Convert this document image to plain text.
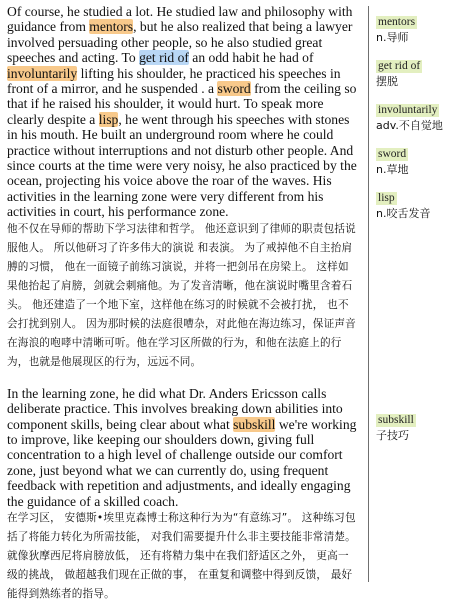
Of course, he studied a lot. He studied law and philosophy with guidance from mentors, but he also realized that being a lawyer involved persuading other people, so he also studied great speeches and acting. To get rid of an odd habit he had of involuntarily lifting his shoulder, he practiced his speeches in front of a mirror, and he suspended . a sword from the ceiling so that if he raised his shoulder, it would hurt. To speak more clearly despite a lisp, he went through his speeches with stones in his mouth. He built an underground room where he could practice without interruptions and not disturb other people. And since courts at the time were very noisy, he also practiced by the ocean, projecting his voice above the roar of the waves. His activities in the learning zone were very different from his activities in court, his performance zone.

他不仅在导师的帮助下学习法律和哲学。 他还意识到了律师的职责包括说服他人。 所以他研习了许多伟大的演说 和表演。 为了戒掉他不自主抬肩膊的习惯， 他在一面镜子前练习演说，并将一把剑吊在房梁上。 这样如果他抬起了肩膀，剑就会刺痛他。为了发音清晰，他在演说时嘴里含着石头。 他还建造了一个地下室，这样他在练习的时候就不会被打扰， 也不会打扰到别人。 因为那时候的法庭很嘈杂，对此他在海边练习，保证声音在海浪的咆哮中清晰可听。他在学习区所做的行为，和他在法庭上的行为，也就是他展现区的行为，远远不同。

In the learning zone, he did what Dr. Anders Ericsson calls deliberate practice. This involves breaking down abilities into component skills, being clear about what subskill we're working to improve, like keeping our shoulders down, giving full concentration to a high level of challenge outside our comfort zone, just beyond what we can currently do, using frequent feedback with repetition and adjustments, and ideally engaging the guidance of a skilled coach.

在学习区， 安德斯•埃里克森博士称这种行为为“有意练习”。 这种练习包括了将能力转化为所需技能， 对我们需要提升什么非主要技能非常清楚。 就像狄摩西尼将肩膀放低， 还有将精力集中在我们舒适区之外， 更高一级的挑战， 做超越我们现在正做的事， 在重复和调整中得到反馈， 最好能得到熟练者的指导。

mentors
n.导师
get rid of
摆脱
involuntarily
adv.不自觉地
sword
n.草地
lisp
n.咬舌发音
subskill
子技巧
